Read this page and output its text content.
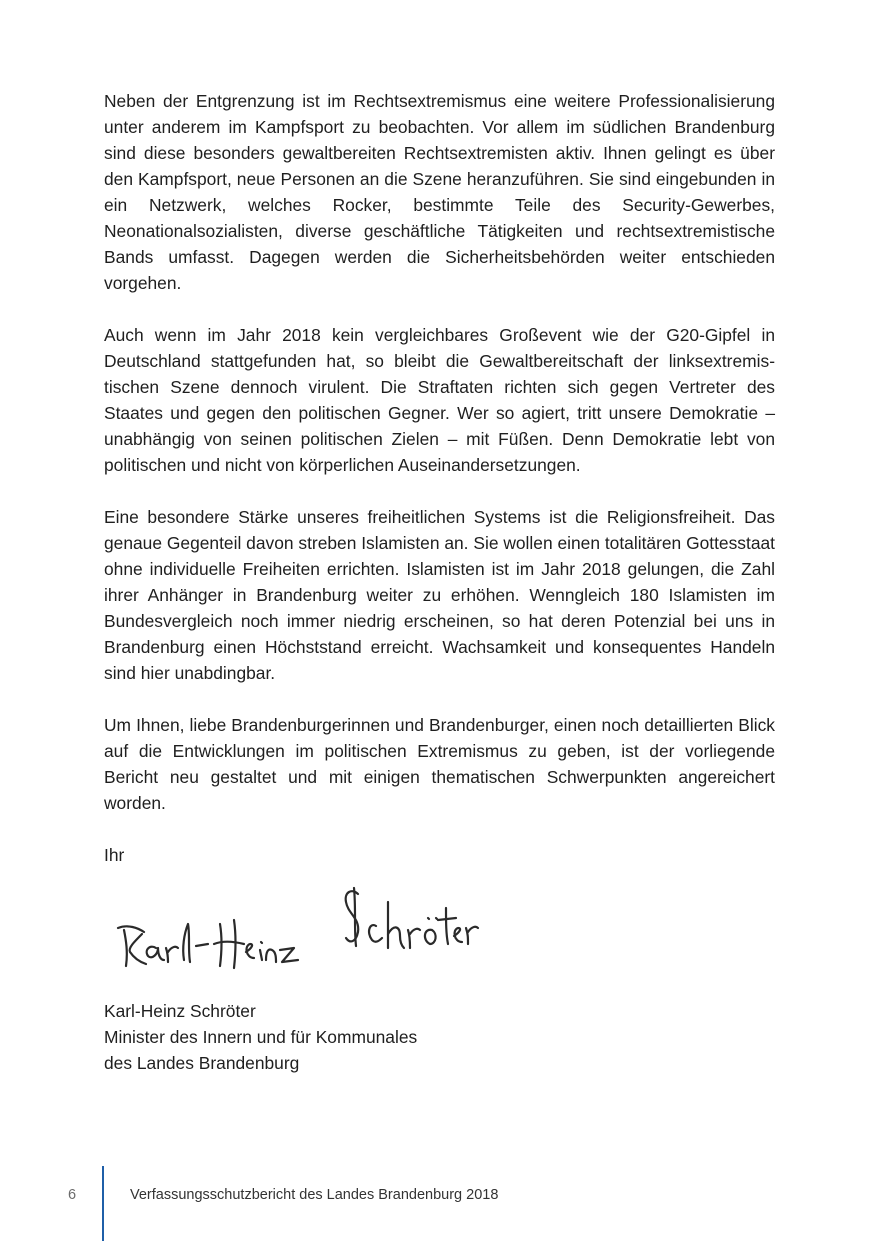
Neben der Entgrenzung ist im Rechtsextremismus eine weitere Professionalisierung unter anderem im Kampfsport zu beobachten. Vor allem im südlichen Brandenburg sind diese besonders gewaltbereiten Rechtsextremisten aktiv. Ihnen gelingt es über den Kampfsport, neue Personen an die Szene heranzuführen. Sie sind eingebunden in ein Netzwerk, welches Rocker, bestimmte Teile des Security-Gewerbes, Neonationalsozialisten, diverse geschäftliche Tätigkeiten und rechtsextremistische Bands umfasst. Dagegen werden die Sicherheitsbehörden weiter entschieden vorgehen.

Auch wenn im Jahr 2018 kein vergleichbares Großevent wie der G20-Gipfel in Deutschland stattgefunden hat, so bleibt die Gewaltbereitschaft der linksextremistischen Szene dennoch virulent. Die Straftaten richten sich gegen Vertreter des Staates und gegen den politischen Gegner. Wer so agiert, tritt unsere Demokratie – unabhängig von seinen politischen Zielen – mit Füßen. Denn Demokratie lebt von politischen und nicht von körperlichen Auseinandersetzungen.

Eine besondere Stärke unseres freiheitlichen Systems ist die Religionsfreiheit. Das genaue Gegenteil davon streben Islamisten an. Sie wollen einen totalitären Gottesstaat ohne individuelle Freiheiten errichten. Islamisten ist im Jahr 2018 gelungen, die Zahl ihrer Anhänger in Brandenburg weiter zu erhöhen. Wenngleich 180 Islamisten im Bundesvergleich noch immer niedrig erscheinen, so hat deren Potenzial bei uns in Brandenburg einen Höchststand erreicht. Wachsamkeit und konsequentes Handeln sind hier unabdingbar.

Um Ihnen, liebe Brandenburgerinnen und Brandenburger, einen noch detaillierten Blick auf die Entwicklungen im politischen Extremismus zu geben, ist der vorliegende Bericht neu gestaltet und mit einigen thematischen Schwerpunkten angereichert worden.

Ihr

Karl-Heinz Schröter
Minister des Innern und für Kommunales
des Landes Brandenburg
6	Verfassungsschutzbericht des Landes Brandenburg 2018
